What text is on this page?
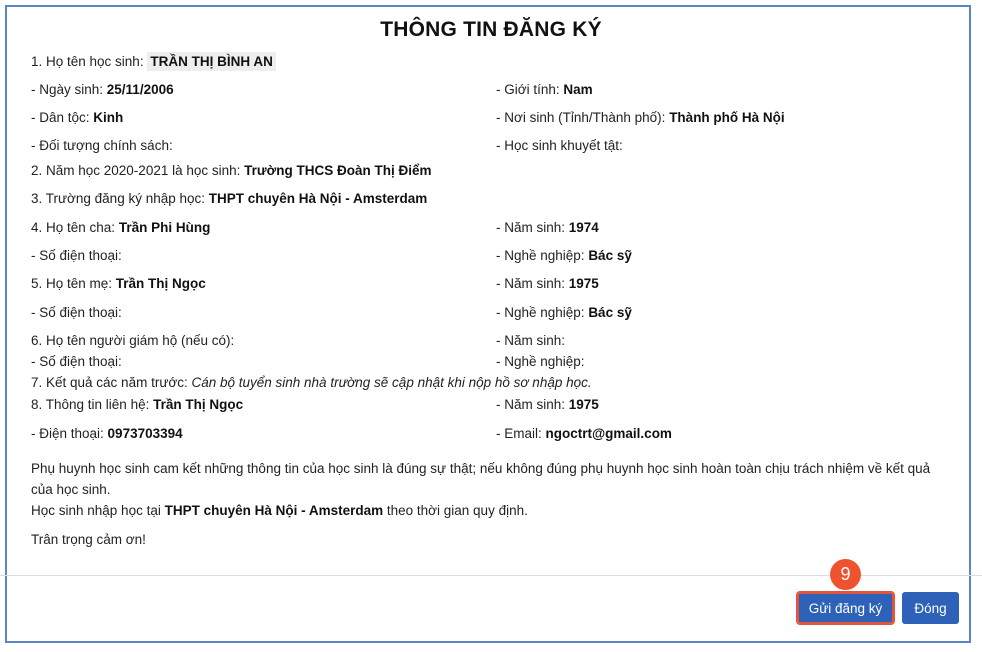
THÔNG TIN ĐĂNG KÝ
1. Họ tên học sinh: TRẦN THỊ BÌNH AN
- Ngày sinh: 25/11/2006	- Giới tính: Nam
- Dân tộc: Kinh	- Nơi sinh (Tỉnh/Thành phố): Thành phố Hà Nội
- Đối tượng chính sách:	- Học sinh khuyết tật:
2. Năm học 2020-2021 là học sinh: Trường THCS Đoàn Thị Điểm
3. Trường đăng ký nhập học: THPT chuyên Hà Nội - Amsterdam
4. Họ tên cha: Trần Phi Hùng	- Năm sinh: 1974
- Số điện thoại:	- Nghề nghiệp: Bác sỹ
5. Họ tên mẹ: Trần Thị Ngọc	- Năm sinh: 1975
- Số điện thoại:	- Nghề nghiệp: Bác sỹ
6. Họ tên người giám hộ (nếu có):	- Năm sinh:
- Số điện thoại:	- Nghề nghiệp:
7. Kết quả các năm trước: Cán bộ tuyển sinh nhà trường sẽ cập nhật khi nộp hồ sơ nhập học.
8. Thông tin liên hệ: Trần Thị Ngọc	- Năm sinh: 1975
- Điện thoại: 0973703394	- Email: ngoctrt@gmail.com
Phụ huynh học sinh cam kết những thông tin của học sinh là đúng sự thật; nếu không đúng phụ huynh học sinh hoàn toàn chịu trách nhiệm về kết quả của học sinh.
Học sinh nhập học tại THPT chuyên Hà Nội - Amsterdam theo thời gian quy định.
Trân trọng cảm ơn!
9
Gửi đăng ký	Đóng
